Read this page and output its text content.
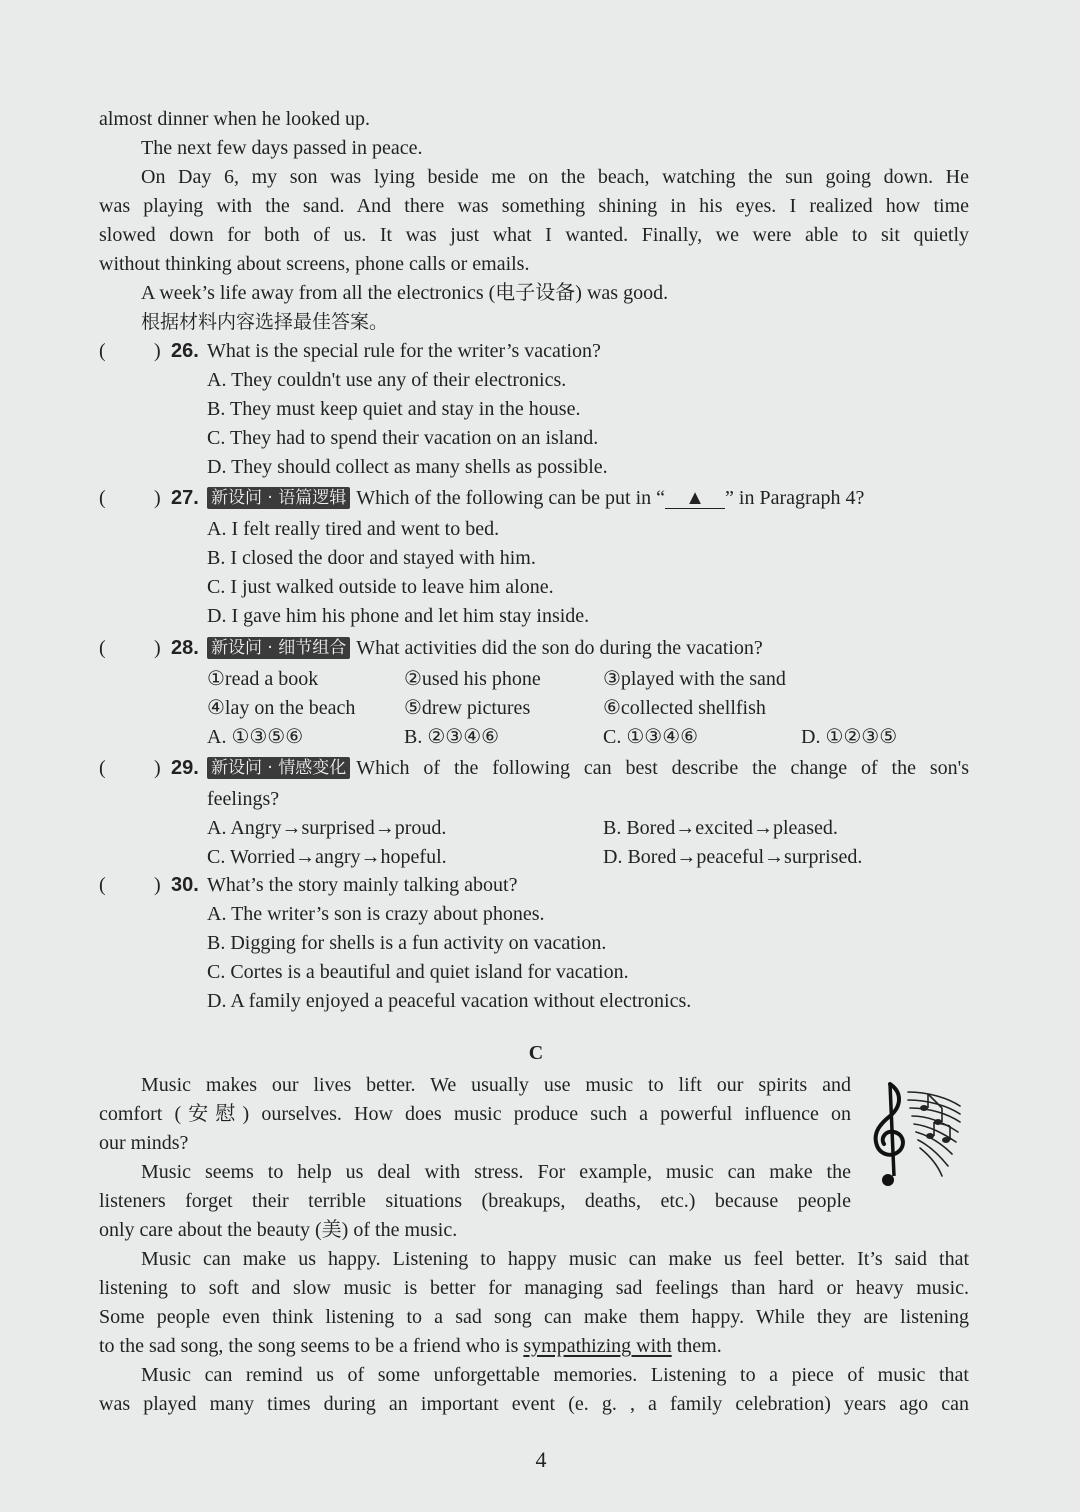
almost dinner when he looked up.
The next few days passed in peace.
On Day 6, my son was lying beside me on the beach, watching the sun going down. He
was playing with the sand. And there was something shining in his eyes. I realized how time
slowed down for both of us. It was just what I wanted. Finally, we were able to sit quietly
without thinking about screens, phone calls or emails.
A week’s life away from all the electronics (电子设备) was good.
根据材料内容选择最佳答案。
( ) 26. What is the special rule for the writer’s vacation?
A. They couldn't use any of their electronics.
B. They must keep quiet and stay in the house.
C. They had to spend their vacation on an island.
D. They should collect as many shells as possible.
( ) 27. 新设问 · 语篇逻辑 Which of the following can be put in “ ▲ ” in Paragraph 4?
A. I felt really tired and went to bed.
B. I closed the door and stayed with him.
C. I just walked outside to leave him alone.
D. I gave him his phone and let him stay inside.
( ) 28. 新设问 · 细节组合 What activities did the son do during the vacation?
①read a book	②used his phone	③played with the sand
④lay on the beach ⑤drew pictures	⑥collected shellfish
A. ①③⑤⑥	B. ②③④⑥	C. ①③④⑥	D. ①②③⑤
( ) 29. 新设问 · 情感变化 Which of the following can best describe the change of the son's
feelings?
A. Angry→surprised→proud.	B. Bored→excited→pleased.
C. Worried→angry→hopeful.	D. Bored→peaceful→surprised.
( ) 30. What’s the story mainly talking about?
A. The writer’s son is crazy about phones.
B. Digging for shells is a fun activity on vacation.
C. Cortes is a beautiful and quiet island for vacation.
D. A family enjoyed a peaceful vacation without electronics.
C
Music makes our lives better. We usually use music to lift our spirits and
comfort (安慰) ourselves. How does music produce such a powerful influence on
our minds?
Music seems to help us deal with stress. For example, music can make the
listeners forget their terrible situations (breakups, deaths, etc.) because people
only care about the beauty (美) of the music.
Music can make us happy. Listening to happy music can make us feel better. It’s said that
listening to soft and slow music is better for managing sad feelings than hard or heavy music.
Some people even think listening to a sad song can make them happy. While they are listening
to the sad song, the song seems to be a friend who is sympathizing with them.
Music can remind us of some unforgettable memories. Listening to a piece of music that
was played many times during an important event (e. g. , a family celebration) years ago can
4
